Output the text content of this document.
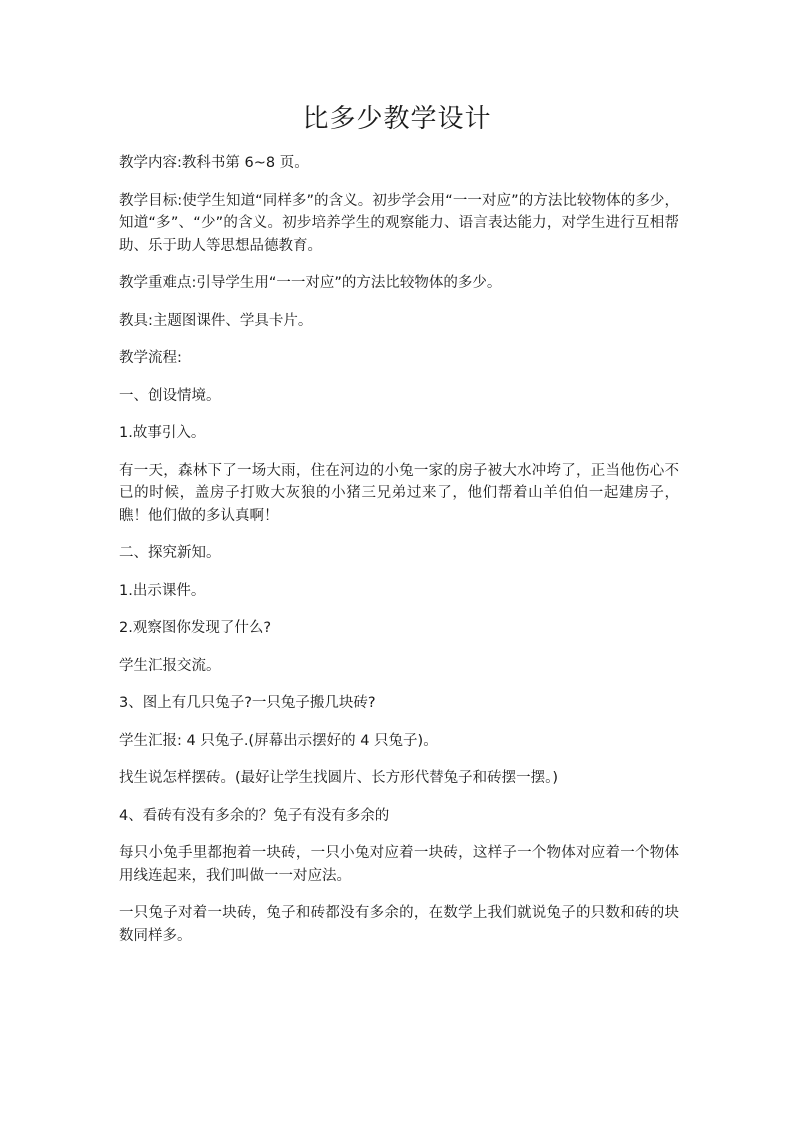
比多少教学设计

教学内容:教科书第 6~8 页。

教学目标:使学生知道“同样多”的含义。初步学会用“一一对应”的方法比较物体的多少，知道“多”、“少”的含义。初步培养学生的观察能力、语言表达能力，对学生进行互相帮助、乐于助人等思想品德教育。

教学重难点:引导学生用“一一对应”的方法比较物体的多少。

教具:主题图课件、学具卡片。

教学流程:

一、创设情境。

1.故事引入。

有一天，森林下了一场大雨，住在河边的小兔一家的房子被大水冲垮了，正当他伤心不已的时候，盖房子打败大灰狼的小猪三兄弟过来了，他们帮着山羊伯伯一起建房子，瞧！他们做的多认真啊！

二、探究新知。

1.出示课件。

2.观察图你发现了什么?

学生汇报交流。

3、图上有几只兔子?一只兔子搬几块砖?

学生汇报: 4 只兔子.(屏幕出示摆好的 4 只兔子)。

找生说怎样摆砖。(最好让学生找圆片、长方形代替兔子和砖摆一摆。)

4、看砖有没有多余的？兔子有没有多余的

每只小兔手里都抱着一块砖，一只小兔对应着一块砖，这样子一个物体对应着一个物体用线连起来，我们叫做一一对应法。

一只兔子对着一块砖，兔子和砖都没有多余的，在数学上我们就说兔子的只数和砖的块数同样多。
